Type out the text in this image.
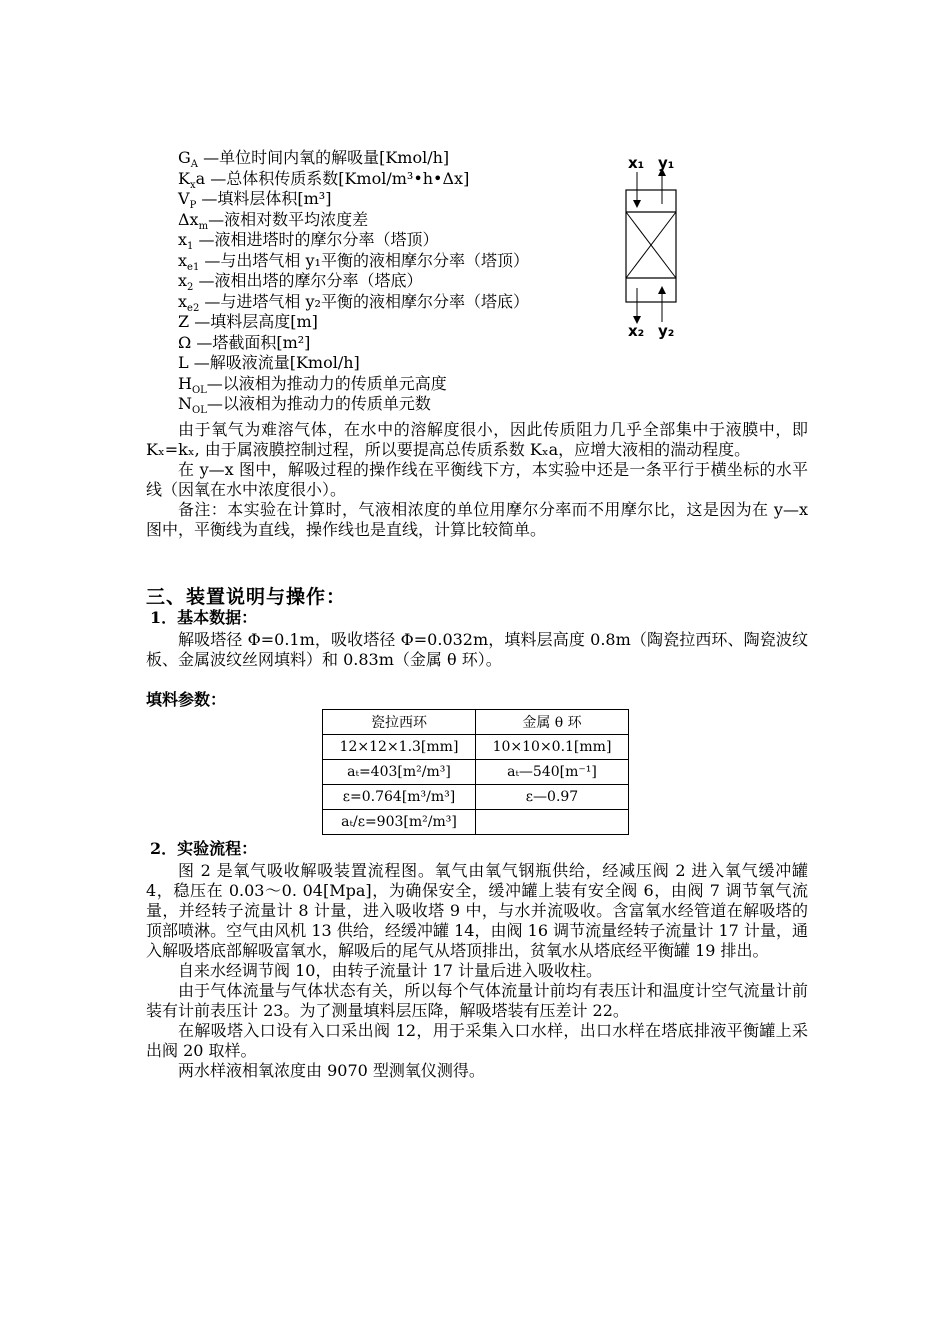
$G_A$ —单位时间内氧的解吸量[Kmol/h]
$K_xa$ —总体积传质系数[Kmol/m³•h•Δx]
$V_P$ —填料层体积[m³]
$\Delta x_m—$液相对数平均浓度差
$x_1$ —液相进塔时的摩尔分率（塔顶）
$x_{e1}$ —与出塔气相 y₁平衡的液相摩尔分率（塔顶）
$x_2$ —液相出塔的摩尔分率（塔底）
$x_{e2}$ —与进塔气相 y₂平衡的液相摩尔分率（塔底）
Z —填料层高度[m]
Ω —塔截面积[m²]
L —解吸液流量[Kmol/h]
$H_{OL}—$以液相为推动力的传质单元高度
$N_{OL}—$以液相为推动力的传质单元数
x₁ y₁
x₂ y₂

由于氧气为难溶气体，在水中的溶解度很小，因此传质阻力几乎全部集中于液膜中，即 Kₓ=kₓ, 由于属液膜控制过程，所以要提高总传质系数 Kₓa，应增大液相的湍动程度。

在 y—x 图中，解吸过程的操作线在平衡线下方，本实验中还是一条平行于横坐标的水平线（因氧在水中浓度很小）。

备注：本实验在计算时，气液相浓度的单位用摩尔分率而不用摩尔比，这是因为在 y—x 图中，平衡线为直线，操作线也是直线，计算比较简单。

三、装置说明与操作：
1．基本数据：

解吸塔径 Φ=0.1m，吸收塔径 Φ=0.032m，填料层高度 0.8m（陶瓷拉西环、陶瓷波纹板、金属波纹丝网填料）和 0.83m（金属 θ 环）。

填料参数：
瓷拉西环	金属 θ 环
12×12×1.3[mm]	10×10×0.1[mm]
aₜ=403[m²/m³]	aₜ—540[m⁻¹]
ε=0.764[m³/m³]	ε—0.97
aₜ/ε=903[m²/m³]	
2．实验流程：

图 2 是氧气吸收解吸装置流程图。氧气由氧气钢瓶供给，经减压阀 2 进入氧气缓冲罐 4，稳压在 0.03～0. 04[Mpa]，为确保安全，缓冲罐上装有安全阀 6，由阀 7 调节氧气流量，并经转子流量计 8 计量，进入吸收塔 9 中，与水并流吸收。含富氧水经管道在解吸塔的顶部喷淋。空气由风机 13 供给，经缓冲罐 14，由阀 16 调节流量经转子流量计 17 计量，通入解吸塔底部解吸富氧水，解吸后的尾气从塔顶排出，贫氧水从塔底经平衡罐 19 排出。

自来水经调节阀 10，由转子流量计 17 计量后进入吸收柱。

由于气体流量与气体状态有关，所以每个气体流量计前均有表压计和温度计空气流量计前装有计前表压计 23。为了测量填料层压降，解吸塔装有压差计 22。

在解吸塔入口设有入口采出阀 12，用于采集入口水样，出口水样在塔底排液平衡罐上采出阀 20 取样。

两水样液相氧浓度由 9070 型测氧仪测得。
